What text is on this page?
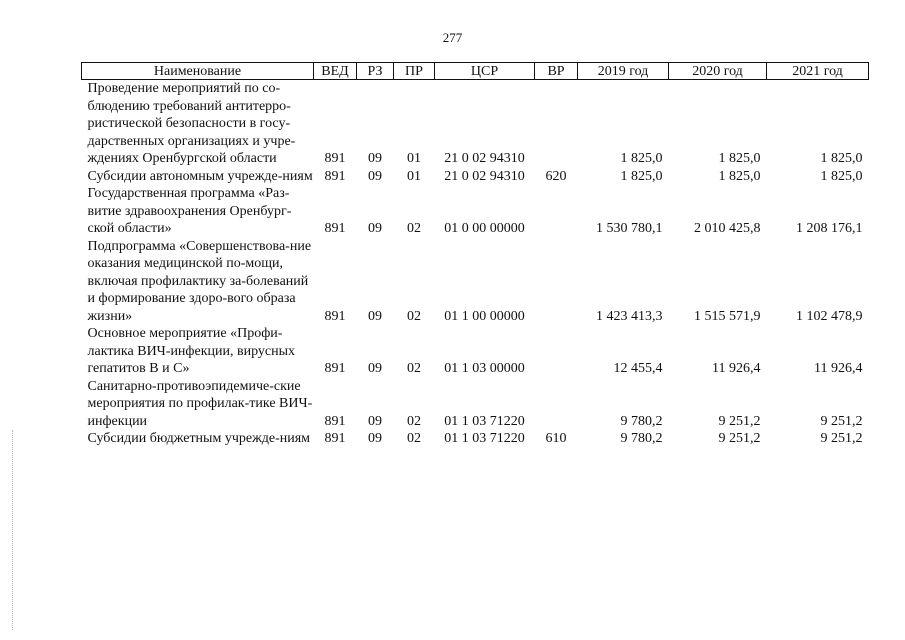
277
Наименование	ВЕД	РЗ	ПР	ЦСР	ВР	2019 год	2020 год	2021 год
Проведение мероприятий по со-блюдению требований антитерро-ристической безопасности в госу-дарственных организациях и учре-ждениях Оренбургской области	891	09	01	21 0 02 94310		1 825,0	1 825,0	1 825,0
Субсидии автономным учрежде-ниям	891	09	01	21 0 02 94310	620	1 825,0	1 825,0	1 825,0
Государственная программа «Раз-витие здравоохранения Оренбург-ской области»	891	09	02	01 0 00 00000		1 530 780,1	2 010 425,8	1 208 176,1
Подпрограмма «Совершенствова-ние оказания медицинской по-мощи, включая профилактику за-болеваний и формирование здоро-вого образа жизни»	891	09	02	01 1 00 00000		1 423 413,3	1 515 571,9	1 102 478,9
Основное мероприятие «Профи-лактика ВИЧ-инфекции, вирусных гепатитов В и С»	891	09	02	01 1 03 00000		12 455,4	11 926,4	11 926,4
Санитарно-противоэпидемиче-ские мероприятия по профилак-тике ВИЧ-инфекции	891	09	02	01 1 03 71220		9 780,2	9 251,2	9 251,2
Субсидии бюджетным учрежде-ниям	891	09	02	01 1 03 71220	610	9 780,2	9 251,2	9 251,2
